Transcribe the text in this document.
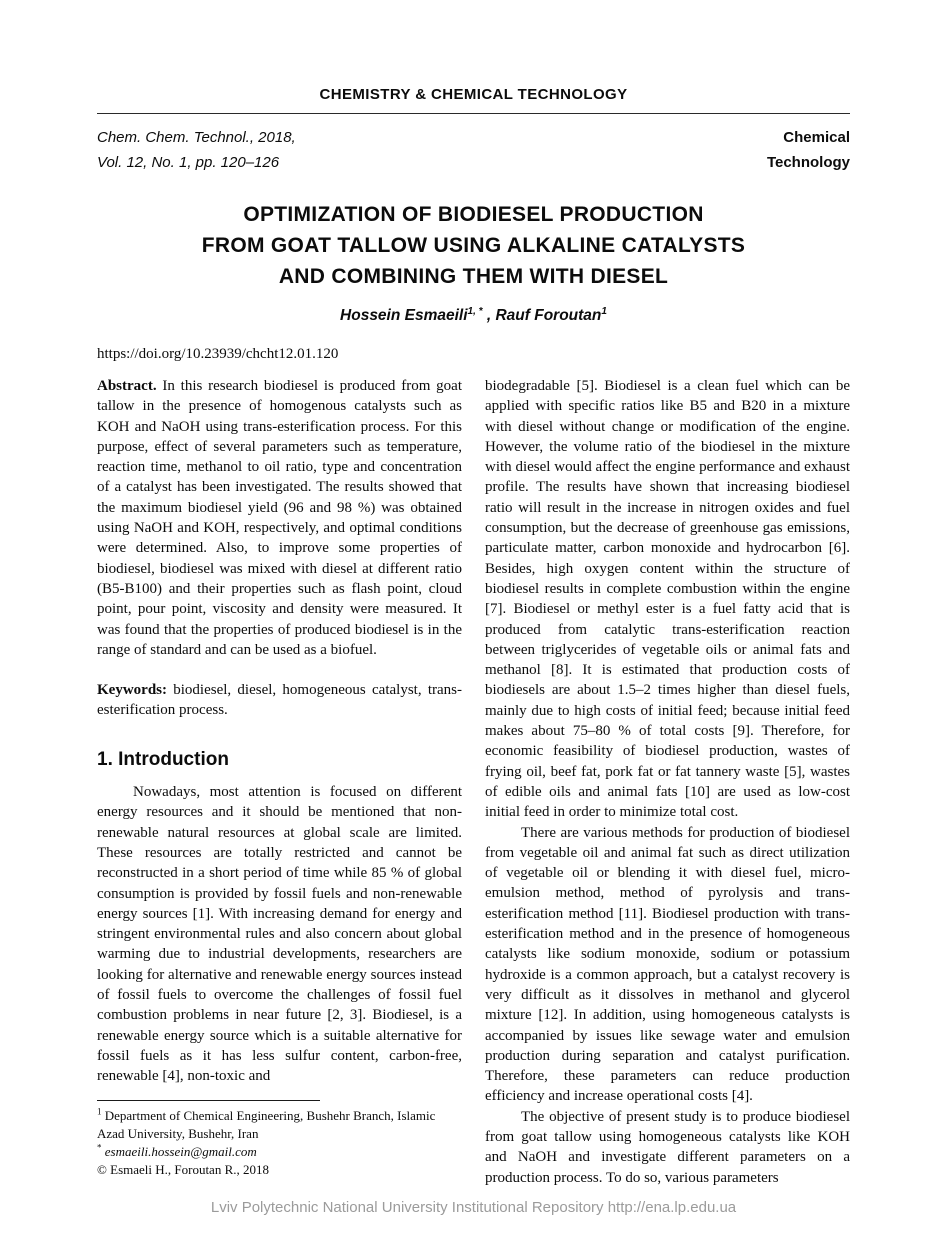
CHEMISTRY & CHEMICAL TECHNOLOGY
Chem. Chem. Technol., 2018,
Vol. 12, No. 1, pp. 120–126
Chemical
Technology
OPTIMIZATION OF BIODIESEL PRODUCTION
FROM GOAT TALLOW USING ALKALINE CATALYSTS
AND COMBINING THEM WITH DIESEL
Hossein Esmaeili$^{1, *}$ , Rauf Foroutan$^1$
https://doi.org/10.23939/chcht12.01.120

Abstract. In this research biodiesel is produced from goat tallow in the presence of homogenous catalysts such as KOH and NaOH using trans-esterification process. For this purpose, effect of several parameters such as temperature, reaction time, methanol to oil ratio, type and concentration of a catalyst has been investigated. The results showed that the maximum biodiesel yield (96 and 98 %) was obtained using NaOH and KOH, respectively, and optimal conditions were determined. Also, to improve some properties of biodiesel, biodiesel was mixed with diesel at different ratio (B5-B100) and their properties such as flash point, cloud point, pour point, viscosity and density were measured. It was found that the properties of produced biodiesel is in the range of standard and can be used as a biofuel.

Keywords: biodiesel, diesel, homogeneous catalyst, trans-esterification process.

1. Introduction

Nowadays, most attention is focused on different energy resources and it should be mentioned that non-renewable natural resources at global scale are limited. These resources are totally restricted and cannot be reconstructed in a short period of time while 85 % of global consumption is provided by fossil fuels and non-renewable energy sources [1]. With increasing demand for energy and stringent environmental rules and also concern about global warming due to industrial developments, researchers are looking for alternative and renewable energy sources instead of fossil fuels to overcome the challenges of fossil fuel combustion problems in near future [2, 3]. Biodiesel, is a renewable energy source which is a suitable alternative for fossil fuels as it has less sulfur content, carbon-free, renewable [4], non-toxic and

$^1$ Department of Chemical Engineering, Bushehr Branch, Islamic Azad University, Bushehr, Iran
* esmaeili.hossein@gmail.com
© Esmaeli H., Foroutan R., 2018

biodegradable [5]. Biodiesel is a clean fuel which can be applied with specific ratios like B5 and B20 in a mixture with diesel without change or modification of the engine. However, the volume ratio of the biodiesel in the mixture with diesel would affect the engine performance and exhaust profile. The results have shown that increasing biodiesel ratio will result in the increase in nitrogen oxides and fuel consumption, but the decrease of greenhouse gas emissions, particulate matter, carbon monoxide and hydrocarbon [6]. Besides, high oxygen content within the structure of biodiesel results in complete combustion within the engine [7]. Biodiesel or methyl ester is a fuel fatty acid that is produced from catalytic trans-esterification reaction between triglycerides of vegetable oils or animal fats and methanol [8]. It is estimated that production costs of biodiesels are about 1.5–2 times higher than diesel fuels, mainly due to high costs of initial feed; because initial feed makes about 75–80 % of total costs [9]. Therefore, for economic feasibility of biodiesel production, wastes of frying oil, beef fat, pork fat or fat tannery waste [5], wastes of edible oils and animal fats [10] are used as low-cost initial feed in order to minimize total cost.

There are various methods for production of biodiesel from vegetable oil and animal fat such as direct utilization of vegetable oil or blending it with diesel fuel, micro-emulsion method, method of pyrolysis and trans-esterification method [11]. Biodiesel production with trans-esterification method and in the presence of homogeneous catalysts like sodium monoxide, sodium or potassium hydroxide is a common approach, but a catalyst recovery is very difficult as it dissolves in methanol and glycerol mixture [12]. In addition, using homogeneous catalysts is accompanied by issues like sewage water and emulsion production during separation and catalyst purification. Therefore, these parameters can reduce production efficiency and increase operational costs [4].

The objective of present study is to produce biodiesel from goat tallow using homogeneous catalysts like KOH and NaOH and investigate different parameters on a production process. To do so, various parameters

Lviv Polytechnic National University Institutional Repository http://ena.lp.edu.ua
